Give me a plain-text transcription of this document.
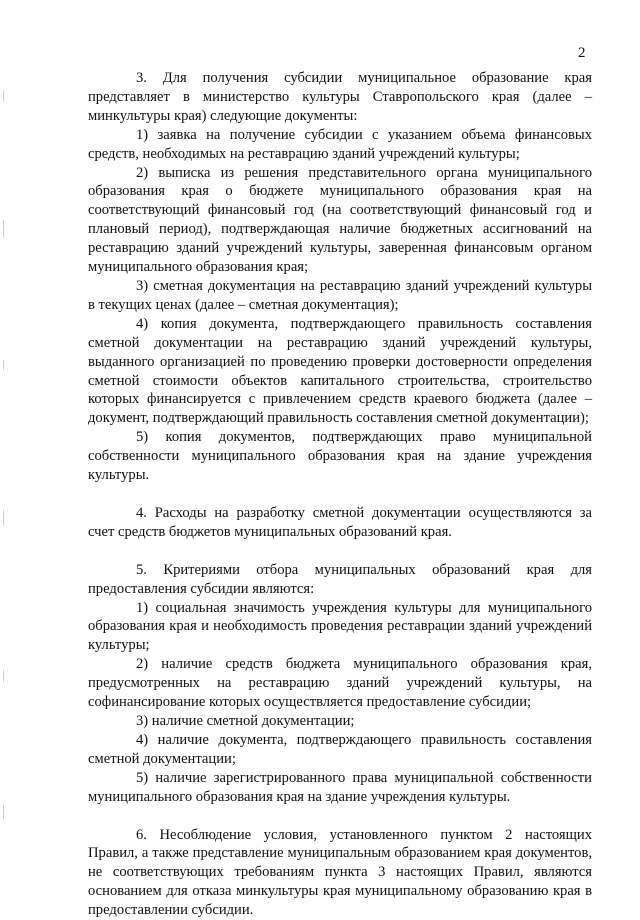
2

3. Для получения субсидии муниципальное образование края представляет в министерство культуры Ставропольского края (далее – минкультуры края) следующие документы:

1) заявка на получение субсидии с указанием объема финансовых средств, необходимых на реставрацию зданий учреждений культуры;

2) выписка из решения представительного органа муниципального образования края о бюджете муниципального образования края на соответствующий финансовый год (на соответствующий финансовый год и плановый период), подтверждающая наличие бюджетных ассигнований на реставрацию зданий учреждений культуры, заверенная финансовым органом муниципального образования края;

3) сметная документация на реставрацию зданий учреждений культуры в текущих ценах (далее – сметная документация);

4) копия документа, подтверждающего правильность составления сметной документации на реставрацию зданий учреждений культуры, выданного организацией по проведению проверки достоверности определения сметной стоимости объектов капитального строительства, строительство которых финансируется с привлечением средств краевого бюджета (далее – документ, подтверждающий правильность составления сметной документации);

5) копия документов, подтверждающих право муниципальной собственности муниципального образования края на здание учреждения культуры.

4. Расходы на разработку сметной документации осуществляются за счет средств бюджетов муниципальных образований края.

5. Критериями отбора муниципальных образований края для предоставления субсидии являются:

1) социальная значимость учреждения культуры для муниципального образования края и необходимость проведения реставрации зданий учреждений культуры;

2) наличие средств бюджета муниципального образования края, предусмотренных на реставрацию зданий учреждений культуры, на софинансирование которых осуществляется предоставление субсидии;

3) наличие сметной документации;

4) наличие документа, подтверждающего правильность составления сметной документации;

5) наличие зарегистрированного права муниципальной собственности муниципального образования края на здание учреждения культуры.

6. Несоблюдение условия, установленного пунктом 2 настоящих Правил, а также представление муниципальным образованием края документов, не соответствующих требованиям пункта 3 настоящих Правил, являются основанием для отказа минкультуры края муниципальному образованию края в предоставлении субсидии.
